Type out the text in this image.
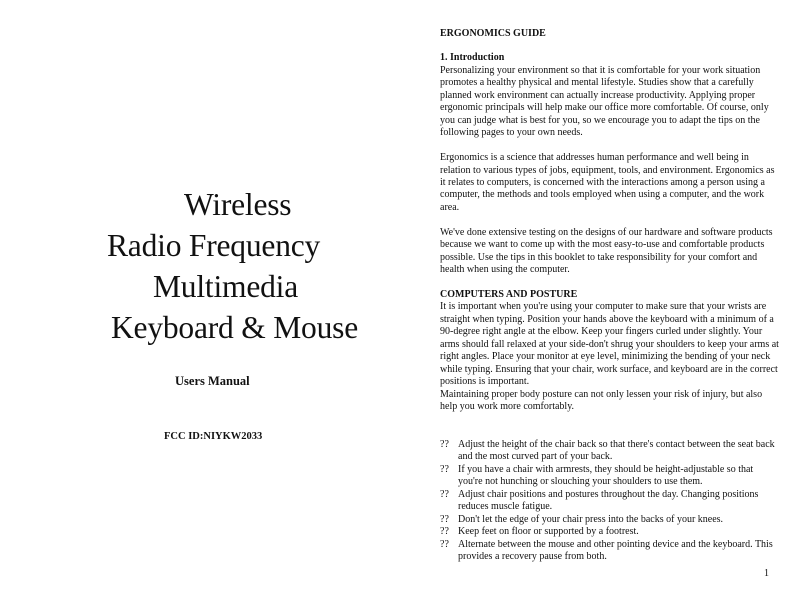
Wireless
Radio Frequency
Multimedia
Keyboard & Mouse
Users Manual
FCC ID:NIYKW2033

ERGONOMICS GUIDE

1. Introduction

Personalizing your environment so that it is comfortable for your work situation promotes a healthy physical and mental lifestyle. Studies show that a carefully planned work environment can actually increase productivity. Applying proper ergonomic principals will help make our office more comfortable. Of course, only you can judge what is best for you, so we encourage you to adapt the tips on the following pages to your own needs.

Ergonomics is a science that addresses human performance and well being in relation to various types of jobs, equipment, tools, and environment. Ergonomics as it relates to computers, is concerned with the interactions among a person using a computer, the methods and tools employed when using a computer, and the work area.

We've done extensive testing on the designs of our hardware and software products because we want to come up with the most easy-to-use and comfortable products possible. Use the tips in this booklet to take responsibility for your comfort and health when using the computer.

COMPUTERS AND POSTURE

It is important when you're using your computer to make sure that your wrists are straight when typing. Position your hands above the keyboard with a minimum of a 90-degree right angle at the elbow. Keep your fingers curled under slightly. Your arms should fall relaxed at your side-don't shrug your shoulders to keep your arms at right angles. Place your monitor at eye level, minimizing the bending of your neck while typing. Ensuring that your chair, work surface, and keyboard are in the correct positions is important.

Maintaining proper body posture can not only lessen your risk of injury, but also help you work more comfortably.

?? Adjust the height of the chair back so that there's contact between the seat back and the most curved part of your back.
?? If you have a chair with armrests, they should be height-adjustable so that you're not hunching or slouching your shoulders to use them.
?? Adjust chair positions and postures throughout the day. Changing positions reduces muscle fatigue.
?? Don't let the edge of your chair press into the backs of your knees.
?? Keep feet on floor or supported by a footrest.
?? Alternate between the mouse and other pointing device and the keyboard. This provides a recovery pause from both.
1
